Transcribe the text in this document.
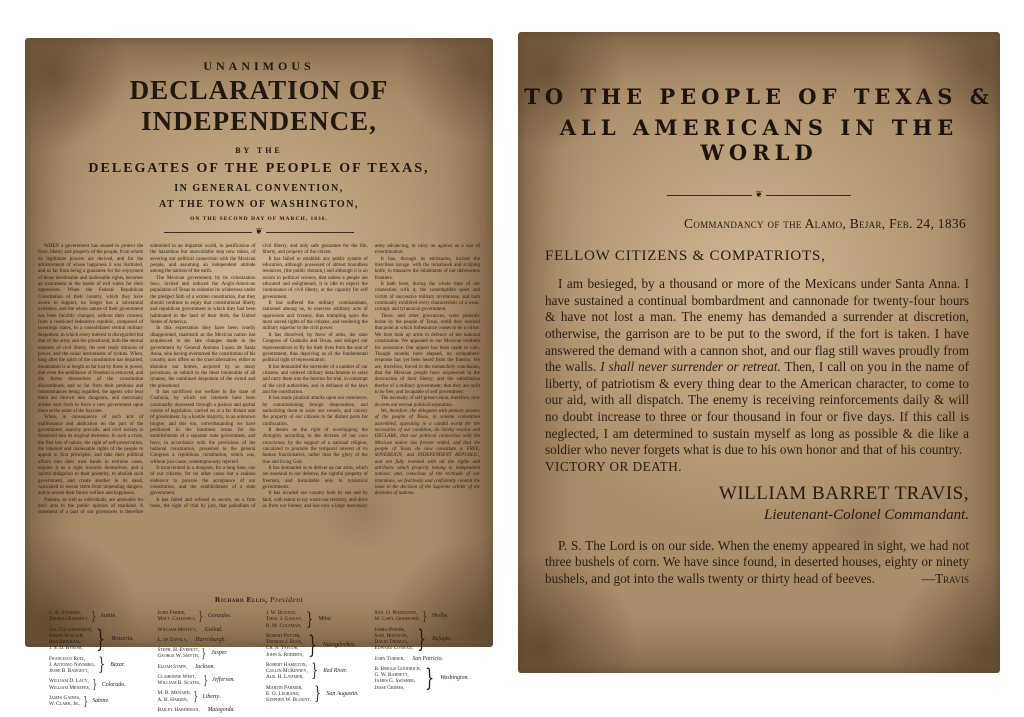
UNANIMOUS
DECLARATION OF INDEPENDENCE,
BY THE
DELEGATES OF THE PEOPLE OF TEXAS,
IN GENERAL CONVENTION,
AT THE TOWN OF WASHINGTON,
ON THE SECOND DAY OF MARCH, 1836.
❦

WHEN a government has ceased to protect the lives, liberty and property of the people, from whom its legitimate powers are derived, and for the advancement of whose happiness it was instituted, and so far from being a guarantee for the enjoyment of those inestimable and inalienable rights, becomes an instrument in the hands of evil rulers for their oppression. When the Federal Republican Constitution of their country, which they have sworn to support, no longer has a substantial existence, and the whole nature of their government has been forcibly changed, without their consent, from a restricted federative republic, composed of sovereign states, to a consolidated central military despotism, in which every interest is disregarded but that of the army and the priesthood, both the eternal enemies of civil liberty, the ever ready minions of power, and the usual instruments of tyrants. When, long after the spirit of the constitution has departed, moderation is at length so far lost by those in power, that even the semblance of freedom is removed, and the forms themselves of the constitution discontinued, and so far from their petitions and remonstrances being regarded, the agents who bear them are thrown into dungeons, and mercenary armies sent forth to force a new government upon them at the point of the bayonet.

When, in consequence of such acts of malfeasance and abdication on the part of the government, anarchy prevails, and civil society is dissolved into its original elements. In such a crisis, the first law of nature, the right of self-preservation, the inherent and inalienable rights of the people to appeal to first principles, and take their political affairs into their own hands in extreme cases, enjoins it as a right towards themselves, and a sacred obligation to their posterity, to abolish such government, and create another in its stead, calculated to rescue them from impending dangers, and to secure their future welfare and happiness.

Nations, as well as individuals, are amenable for their acts to the public opinion of mankind. A statement of a part of our grievances is therefore submitted to an impartial world, in justification of the hazardous but unavoidable step now taken, of severing our political connection with the Mexican people, and assuming an independent attitude among the nations of the earth.

The Mexican government, by its colonization laws, invited and induced the Anglo-American population of Texas to colonize its wilderness under the pledged faith of a written constitution, that they should continue to enjoy that constitutional liberty and republican government to which they had been habituated in the land of their birth, the United States of America.

In this expectation they have been cruelly disappointed, inasmuch as the Mexican nation has acquiesced in the late changes made in the government by General Antonio Lopez de Santa Anna, who having overturned the constitution of his country, now offers us the cruel alternative, either to abandon our homes, acquired by so many privations, or submit to the most intolerable of all tyranny, the combined despotism of the sword and the priesthood.

It has sacrificed our welfare to the state of Coahuila, by which our interests have been continually depressed through a jealous and partial course of legislation, carried on at a far distant seat of government, by a hostile majority, in an unknown tongue, and this too, notwithstanding we have petitioned in the humblest terms for the establishment of a separate state government, and have, in accordance with the provisions of the national constitution, presented to the general Congress a republican constitution, which was, without just cause, contemptuously rejected.

It incarcerated in a dungeon, for a long time, one of our citizens, for no other cause but a zealous endeavor to procure the acceptance of our constitution, and the establishment of a state government.

It has failed and refused to secure, on a firm basis, the right of trial by jury, that palladium of civil liberty, and only safe guarantee for the life, liberty, and property of the citizen.

It has failed to establish any public system of education, although possessed of almost boundless resources, (the public domain,) and although it is an axiom in political science, that unless a people are educated and enlightened, it is idle to expect the continuance of civil liberty, or the capacity for self government.

It has suffered the military commandants, stationed among us, to exercise arbitrary acts of oppression and tyranny, thus trampling upon the most sacred rights of the citizens, and rendering the military superior to the civil power.

It has dissolved, by force of arms, the state Congress of Coahuila and Texas, and obliged our representatives to fly for their lives from the seat of government, thus depriving us of the fundamental political right of representation.

It has demanded the surrender of a number of our citizens, and ordered military detachments to seize and carry them into the Interior for trial, in contempt of the civil authorities, and in defiance of the laws and the constitution.

It has made piratical attacks upon our commerce, by commissioning foreign desperadoes, and authorizing them to seize our vessels, and convey the property of our citizens to far distant ports for confiscation.

It denies us the right of worshipping the Almighty according to the dictates of our own conscience, by the support of a national religion, calculated to promote the temporal interest of its human functionaries, rather than the glory of the true and living God.

It has demanded us to deliver up our arms, which are essential to our defence, the rightful property of freemen, and formidable only to tyrannical governments.

It has invaded our country both by sea and by land, with intent to lay waste our territory, and drive us from our homes; and has now a large mercenary army advancing, to carry on against us a war of extermination.

It has, through its emissaries, incited the merciless savage, with the tomahawk and scalping knife, to massacre the inhabitants of our defenseless frontiers.

It hath been, during the whole time of our connection with it, the contemptible sport and victim of successive military revolutions, and hath continually exhibited every characteristic of a weak, corrupt, and tyrannical government.

These, and other grievances, were patiently borne by the people of Texas, untill they reached that point at which forbearance ceases to be a virtue. We then took up arms in defence of the national constitution. We appealed to our Mexican brethren for assistance. Our appeal has been made in vain. Though months have elapsed, no sympathetic response has yet been heard from the Interior. We are, therefore, forced to the melancholy conclusion, that the Mexican people have acquiesced in the destruction of their liberty, and the substitution therfor of a military government; that they are unfit to be free, and incapable of self government.

The necessity of self-preservation, therefore, now decrees our eternal political separation.

We, therefore, the delegates with plenary powers of the people of Texas, in solemn convention assembled, appealing to a candid world for the necessities of our condition, do hereby resolve and DECLARE, that our political connection with the Mexican nation has forever ended, and that the people of Texas do now constitute a FREE, SOVEREIGN, and INDEPENDENT REPUBLIC, and are fully invested with all the rights and attributes which properly belong to independent nations; and, conscious of the rectitude of our intentions, we fearlessly and confidently commit the issue to the decision of the Supreme arbiter of the destinies of nations.

Richard Ellis, President
C. B. Stewart,
Thomas Barnett, } Austin.
Jas. Collinsworth,
Edwin Waller,
Asa Brigham,
J. S. D. Byrom, } Brazoria.
Francisco Ruiz,
J. Antonio Navarro,
Jesse B. Badgett, } Bexar.
William D. Lacy,
William Menefee, } Colorado.
James Gaines,
W. Clark, Jr., } Sabine.
John Fisher,
Matt. Caldwell, } Gonzales.
William Motley, Goliad.
L. de Zavala, Harrisburgh.
Steph. H. Everett,
George W. Smyth, } Jasper.
Elijah Stapp, Jackson.
Claiborne West,
William B. Scates, } Jefferson.
M. B. Menard,
A. B. Hardin, } Liberty.
Bailey Hardeman, Matagorda.
J. W. Bunton,
Thos. J. Gazley,
R. M. Coleman, } Mina.
Robert Potter,
Thomas J. Rusk,
Ch. S. Taylor,
John S. Roberts, } Nacogdoches.
Robert Hamilton,
Collin McKinney,
Alb. H. Latimer, } Red River.
Martin Parmer,
E. O. Legrand,
Stephen W. Blount, } San Augustin.
Syd. O. Penington,
W. Car'l Crawford, } Shelby.
James Power,
Sam. Houston,
David Thomas,
Edward Conrad, } Refugio.
John Turner, San Patricio.
B. Briggs Goodrich,
G. W. Barnett,
James G. Swisher,
Jesse Grimes, } Washington.
TO THE PEOPLE OF TEXAS &
ALL AMERICANS IN THE WORLD
❦
Commandancy of the Alamo, Bejar, Feb. 24, 1836
FELLOW CITIZENS & COMPATRIOTS,

I am besieged, by a thousand or more of the Mexicans under Santa Anna. I have sustained a continual bombardment and cannonade for twenty-four hours & have not lost a man. The enemy has demanded a surrender at discretion, otherwise, the garrison are to be put to the sword, if the fort is taken. I have answered the demand with a cannon shot, and our flag still waves proudly from the walls. I shall never surrender or retreat. Then, I call on you in the name of liberty, of patriotism & every thing dear to the American character, to come to our aid, with all dispatch. The enemy is receiving reinforcements daily & will no doubt increase to three or four thousand in four or five days. If this call is neglected, I am determined to sustain myself as long as possible & die like a soldier who never forgets what is due to his own honor and that of his country.   VICTORY OR DEATH.

WILLIAM BARRET TRAVIS,
Lieutenant-Colonel Commandant.

P. S. The Lord is on our side. When the enemy appeared in sight, we had not three bushels of corn. We have since found, in deserted houses, eighty or ninety bushels, and got into the walls twenty or thirty head of beeves.	—Travis
